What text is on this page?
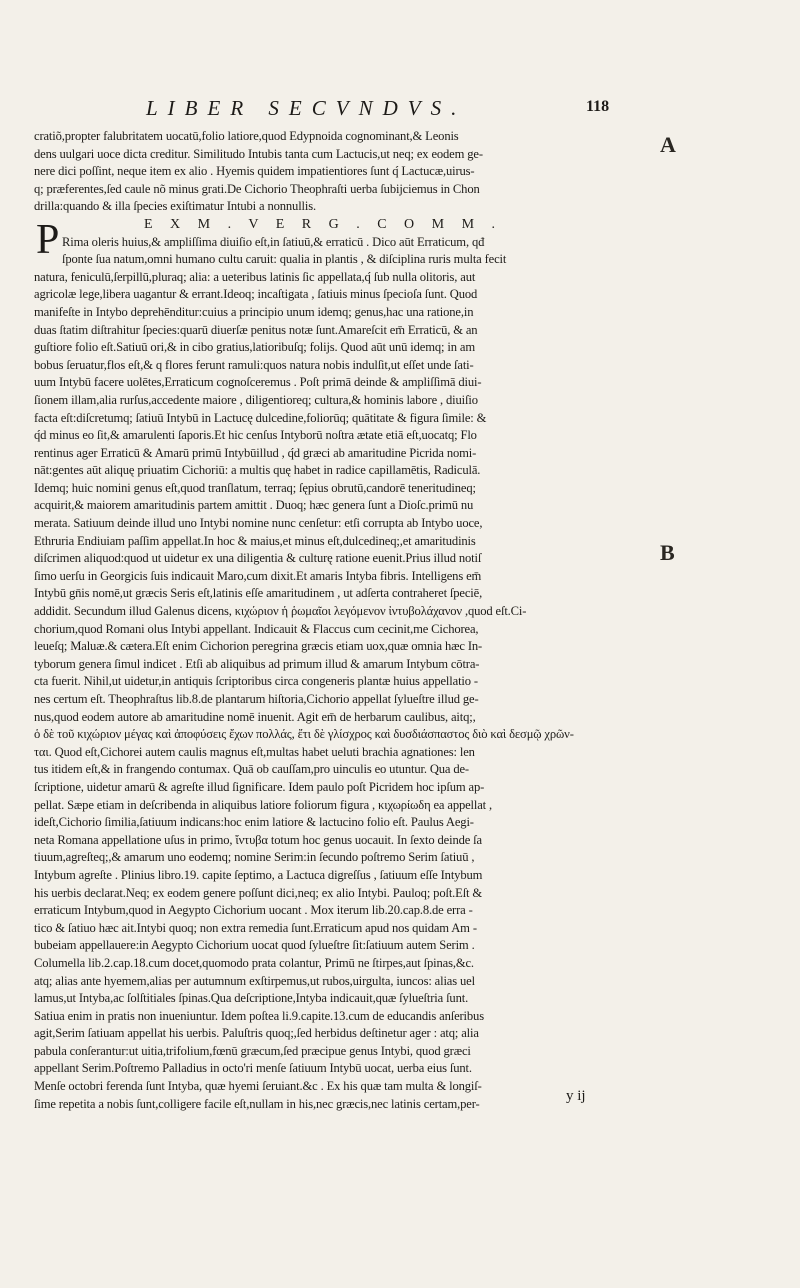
LIBER SECVNDVS.	118
A
B
P
cratiõ,propter falubritatem uocatū,folio latiore,quod Edypnoida cognominant,& Leonis
dens uulgari uoce dicta creditur. Similitudo Intubis tanta cum Lactucis,ut neq; ex eodem ge-
nere dici poſſint, neque item ex alio . Hyemis quidem impatientiores ſunt q́ Lactucæ,uirus-
q; præferentes,ſed caule nõ minus grati.De Cichorio Theophraſti uerba ſubijciemus in Chon
drilla:quando & illa ſpecies exiſtimatur Intubi a nonnullis.
E X M . V E R G . C O M M .
Rima oleris huius,& ampliſſima diuiſio eſt,in ſatiuū,& erraticū . Dico aūt Erraticum, qđ
ſponte ſua natum,omni humano cultu caruit: qualia in plantis , & diſciplina ruris multa fecit
natura, feniculū,ſerpillū,pluraq; alia: a ueteribus latinis ſic appellata,q́ ſub nulla olitoris, aut
agricolæ lege,libera uagantur & errant.Ideoq; incaſtigata , ſatiuis minus ſpecioſa ſunt. Quod
manifeſte in Intybo deprehēnditur:cuius a principio unum idemq; genus,hac una ratione,in
duas ſtatim diſtrahitur ſpecies:quarū diuerſæ penitus notæ ſunt.Amareſcit em̄ Erraticū, & an
guſtiore folio eſt.Satiuū ori,& in cibo gratius,latioribuſq; folijs. Quod aūt unū idemq; in am
bobus ſeruatur,flos eſt,& q flores ferunt ramuli:quos natura nobis indulſit,ut eſſet unde ſati-
uum Intybū facere uolētes,Erraticum cognoſceremus . Poſt primā deinde & ampliſſimā diui-
ſionem illam,alia rurſus,accedente maiore , diligentioreq; cultura,& hominis labore , diuiſio
facta eſt:diſcretumq; ſatiuū Intybū in Lactucę dulcedine,foliorūq; quātitate & figura ſimile: &
q́d minus eo ſit,& amarulenti ſaporis.Et hic cenſus Intyborū noſtra ætate etiā eſt,uocatq; Flo
rentinus ager Erraticū & Amarū primū Intybūillud , q́d græci ab amaritudine Picrida nomi-
nāt:gentes aūt aliquę priuatim Cichoriū: a multis quę habet in radice capillamētis, Radiculā.
Idemq; huic nomini genus eſt,quod tranſlatum, terraq; ſępius obrutū,candorē teneritudineq;
acquirit,& maiorem amaritudinis partem amittit . Duoq; hæc genera ſunt a Dioſc.primū nu
merata. Satiuum deinde illud uno Intybi nomine nunc cenſetur: etſi corrupta ab Intybo uoce,
Ethruria Endiuiam paſſim appellat.In hoc & maius,et minus eſt,dulcedineq;,et amaritudinis
diſcrimen aliquod:quod ut uidetur ex una diligentia & culturę ratione euenit.Prius illud notiſ
ſimo uerſu in Georgicis ſuis indicauit Maro,cum dixit.Et amaris Intyba fibris. Intelligens em̄
Intybū gn̄is nomē,ut græcis Seris eſt,latinis eſſe amaritudinem , ut adſerta contraheret ſpeciē,
addidit. Secundum illud Galenus dicens, κιχώριον ἡ ῥωμαῖοι λεγόμενον ἰντυβολάχανον ,quod eſt.Ci-
chorium,quod Romani olus Intybi appellant. Indicauit & Flaccus cum cecinit,me Cichorea,
leueſq; Maluæ.& cætera.Eſt enim Cichorion peregrina græcis etiam uox,quæ omnia hæc In-
tyborum genera ſimul indicet . Etſi ab aliquibus ad primum illud & amarum Intybum cōtra-
cta fuerit. Nihil,ut uidetur,in antiquis ſcriptoribus circa congeneris plantæ huius appellatio -
nes certum eſt. Theophraſtus lib.8.de plantarum hiſtoria,Cichorio appellat ſylueſtre illud ge-
nus,quod eodem autore ab amaritudine nomē inuenit. Agit em̄ de herbarum caulibus, aitq;,
ὁ δὲ τοῦ κιχώριον μέγας καὶ ἀποφύσεις ἔχων πολλάς, ἔτι δὲ γλίσχρος καὶ δυσδιάσπαστος διὸ καὶ δεσμῷ χρῶν-
ται. Quod eſt,Cichorei autem caulis magnus eſt,multas habet ueluti brachia agnationes: len
tus itidem eſt,& in frangendo contumax. Quā ob cauſſam,pro uinculis eo utuntur. Qua de-
ſcriptione, uidetur amarū & agreſte illud ſignificare. Idem paulo poſt Picridem hoc ipſum ap-
pellat. Sæpe etiam in deſcribenda in aliquibus latiore foliorum figura , κιχωρίωδη ea appellat ,
ideſt,Cichorio ſimilia,ſatiuum indicans:hoc enim latiore & lactucino folio eſt. Paulus Aegi-
neta Romana appellatione uſus in primo, ἴντυβα totum hoc genus uocauit. In ſexto deinde ſa
tiuum,agreſteq;,& amarum uno eodemq; nomine Serim:in ſecundo poſtremo Serim ſatiuū ,
Intybum agreſte . Plinius libro.19. capite ſeptimo, a Lactuca digreſſus , ſatiuum eſſe Intybum
his uerbis declarat.Neq; ex eodem genere poſſunt dici,neq; ex alio Intybi. Pauloq; poſt.Eſt &
erraticum Intybum,quod in Aegypto Cichorium uocant . Mox iterum lib.20.cap.8.de erra -
tico & ſatiuo hæc ait.Intybi quoq; non extra remedia ſunt.Erraticum apud nos quidam Am -
bubeiam appellauere:in Aegypto Cichorium uocat quod ſylueſtre ſit:ſatiuum autem Serim .
Columella lib.2.cap.18.cum docet,quomodo prata colantur, Primū ne ſtirpes,aut ſpinas,&c.
atq; alias ante hyemem,alias per autumnum exſtirpemus,ut rubos,uirgulta, iuncos: alias uel
lamus,ut Intyba,ac ſolſtitiales ſpinas.Qua deſcriptione,Intyba indicauit,quæ ſylueſtria ſunt.
Satiua enim in pratis non inueniuntur. Idem poſtea li.9.capite.13.cum de educandis anſeribus
agit,Serim ſatiuam appellat his uerbis. Paluſtris quoq;,ſed herbidus deſtinetur ager : atq; alia
pabula conſerantur:ut uitia,trifolium,fœnū græcum,ſed præcipue genus Intybi, quod græci
appellant Serim.Poſtremo Palladius in octo'ri menſe ſatiuum Intybū uocat, uerba eius ſunt.
Menſe octobri ferenda ſunt Intyba, quæ hyemi ſeruiant.&c . Ex his quæ tam multa & longiſ-
ſime repetita a nobis ſunt,colligere facile eſt,nullam in his,nec græcis,nec latinis certam,per-	y ij
